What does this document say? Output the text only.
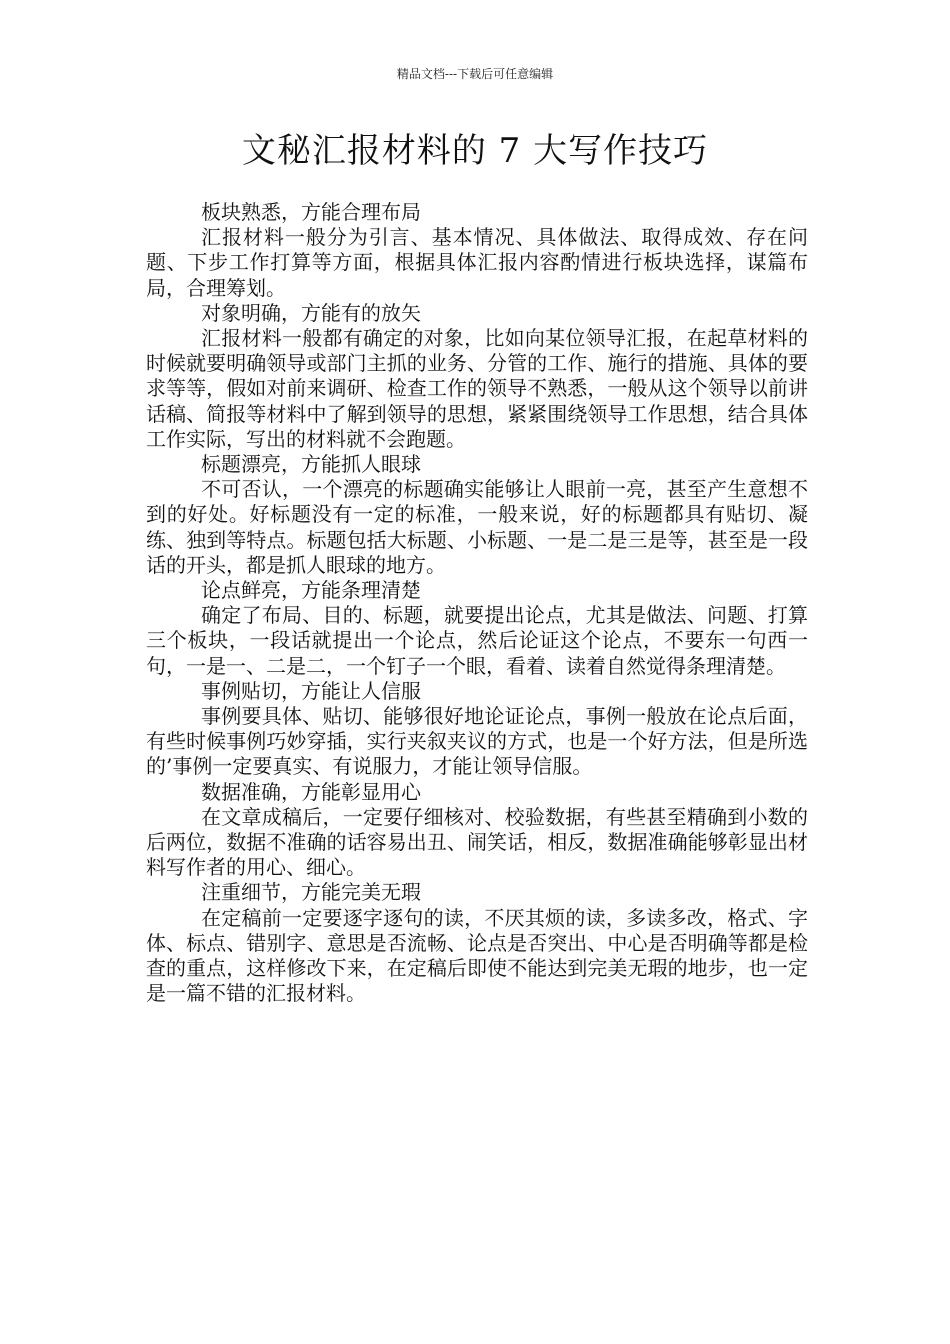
精品文档---下载后可任意编辑
文秘汇报材料的 7 大写作技巧

板块熟悉，方能合理布局

汇报材料一般分为引言、基本情况、具体做法、取得成效、存在问题、下步工作打算等方面，根据具体汇报内容酌情进行板块选择，谋篇布局，合理筹划。

对象明确，方能有的放矢

汇报材料一般都有确定的对象，比如向某位领导汇报，在起草材料的时候就要明确领导或部门主抓的业务、分管的工作、施行的措施、具体的要求等等，假如对前来调研、检查工作的领导不熟悉，一般从这个领导以前讲话稿、简报等材料中了解到领导的思想，紧紧围绕领导工作思想，结合具体工作实际，写出的材料就不会跑题。

标题漂亮，方能抓人眼球

不可否认，一个漂亮的标题确实能够让人眼前一亮，甚至产生意想不到的好处。好标题没有一定的标准，一般来说，好的标题都具有贴切、凝练、独到等特点。标题包括大标题、小标题、一是二是三是等，甚至是一段话的开头，都是抓人眼球的地方。

论点鲜亮，方能条理清楚

确定了布局、目的、标题，就要提出论点，尤其是做法、问题、打算三个板块，一段话就提出一个论点，然后论证这个论点，不要东一句西一句，一是一、二是二，一个钉子一个眼，看着、读着自然觉得条理清楚。

事例贴切，方能让人信服

事例要具体、贴切、能够很好地论证论点，事例一般放在论点后面，有些时候事例巧妙穿插，实行夹叙夹议的方式，也是一个好方法，但是所选的’事例一定要真实、有说服力，才能让领导信服。

数据准确，方能彰显用心

在文章成稿后，一定要仔细核对、校验数据，有些甚至精确到小数的后两位，数据不准确的话容易出丑、闹笑话，相反，数据准确能够彰显出材料写作者的用心、细心。

注重细节，方能完美无瑕

在定稿前一定要逐字逐句的读，不厌其烦的读，多读多改，格式、字体、标点、错别字、意思是否流畅、论点是否突出、中心是否明确等都是检查的重点，这样修改下来，在定稿后即使不能达到完美无瑕的地步，也一定是一篇不错的汇报材料。
